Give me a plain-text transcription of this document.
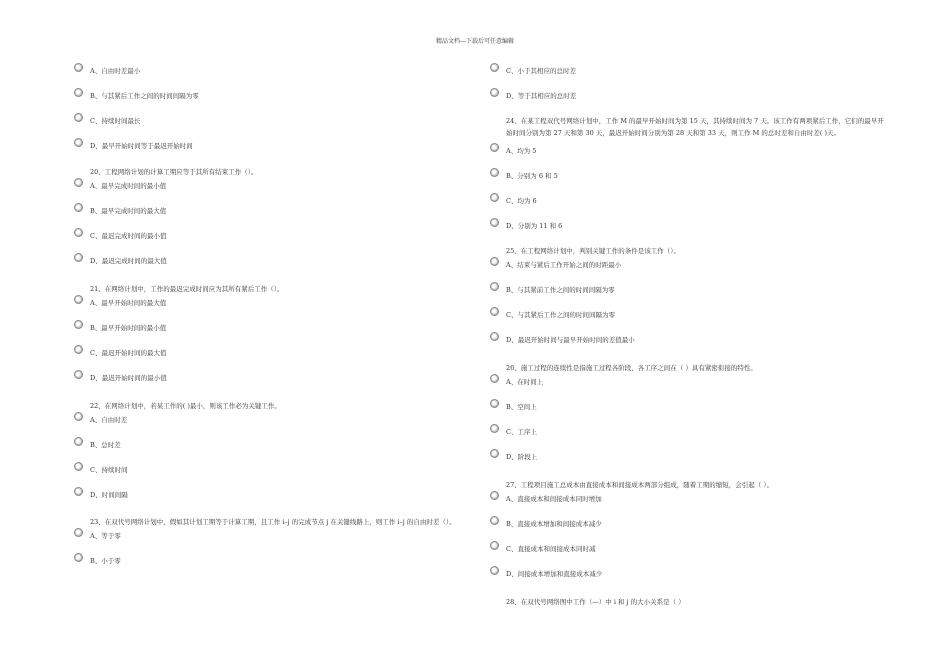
精品文档---下载后可任意编辑
A、自由时差最小
B、与其紧后工作之间的时间间隔为零
C、持续时间最长
D、最早开始时间等于最迟开始时间
20、工程网络计划的计算工期应等于其所有结束工作（）。
A、最早完成时间的最小值
B、最早完成时间的最大值
C、最迟完成时间的最小值
D、最迟完成时间的最大值
21、在网络计划中，工作的最迟完成时间应为其所有紧后工作（）。
A、最早开始时间的最大值
B、最早开始时间的最小值
C、最迟开始时间的最大值
D、最迟开始时间的最小值
22、在网络计划中，若某工作的( )最小，则该工作必为关键工作。
A、自由时差
B、总时差
C、持续时间
D、时间间隔
23、在双代号网络计划中，假如其计划工期等于计算工期，且工作 i–j 的完成节点 j 在关键线路上，则工作 i–j 的自由时差（）。
A、等于零
B、小于零
C、小于其相应的总时差
D、等于其相应的总时差
24、在某工程双代号网络计划中，工作 M 的最早开始时间为第 15 天，其持续时间为 7 天。该工作有两项紧后工作，它们的最早开始时间分别为第 27 天和第 30 天，最迟开始时间分别为第 28 天和第 33 天，则工作 M 的总时差和自由时差( )天。
A、均为 5
B、分别为 6 和 5
C、均为 6
D、分别为 11 和 6
25、在工程网络计划中，判别关键工作的条件是该工作（）。
A、结束与紧后工作开始之间的时距最小
B、与其紧前工作之间的时间间隔为零
C、与其紧后工作之间的时间间隔为零
D、最迟开始时间与最早开始时间的差值最小
26、施工过程的连续性是指施工过程各阶段、各工序之间在（ ）具有紧密衔接的特性。
A、在时间上
B、空间上
C、工序上
D、阶段上
27、工程项目施工总成本由直接成本和间接成本两部分组成，随着工期的缩短，会引起（ ）。
A、直接成本和间接成本同时增加
B、直接成本增加和间接成本减少
C、直接成本和间接成本同时减
D、间接成本增加和直接成本减少
28、在双代号网络图中工作（—）中 i 和 j 的大小关系是（ ）
